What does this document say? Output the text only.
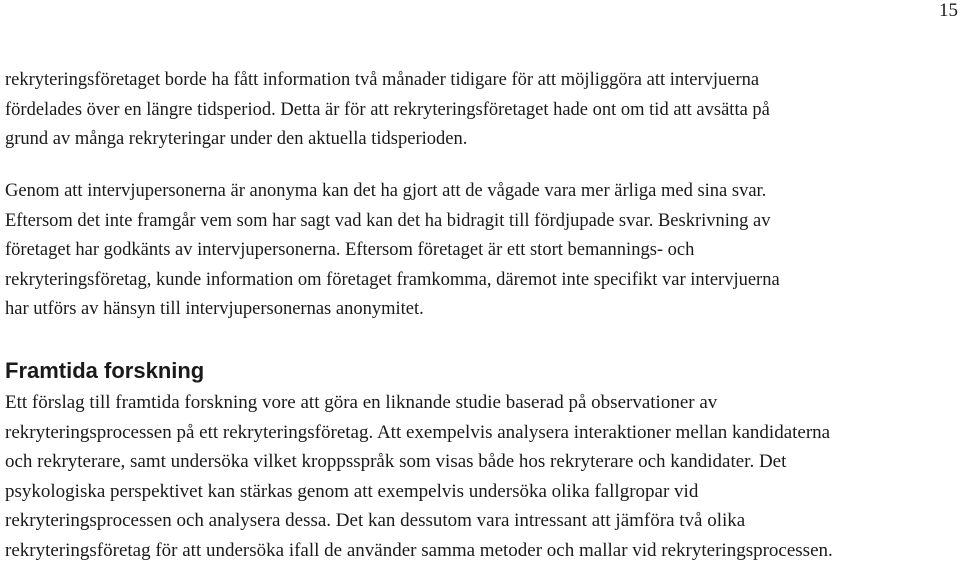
15

rekryteringsföretaget borde ha fått information två månader tidigare för att möjliggöra att intervjuerna
fördelades över en längre tidsperiod. Detta är för att rekryteringsföretaget hade ont om tid att avsätta på
grund av många rekryteringar under den aktuella tidsperioden.

Genom att intervjupersonerna är anonyma kan det ha gjort att de vågade vara mer ärliga med sina svar.
Eftersom det inte framgår vem som har sagt vad kan det ha bidragit till fördjupade svar. Beskrivning av
företaget har godkänts av intervjupersonerna. Eftersom företaget är ett stort bemannings- och
rekryteringsföretag, kunde information om företaget framkomma, däremot inte specifikt var intervjuerna
har utförs av hänsyn till intervjupersonernas anonymitet.

Framtida forskning

Ett förslag till framtida forskning vore att göra en liknande studie baserad på observationer av
rekryteringsprocessen på ett rekryteringsföretag. Att exempelvis analysera interaktioner mellan kandidaterna
och rekryterare, samt undersöka vilket kroppsspråk som visas både hos rekryterare och kandidater. Det
psykologiska perspektivet kan stärkas genom att exempelvis undersöka olika fallgropar vid
rekryteringsprocessen och analysera dessa. Det kan dessutom vara intressant att jämföra två olika
rekryteringsföretag för att undersöka ifall de använder samma metoder och mallar vid rekryteringsprocessen.
